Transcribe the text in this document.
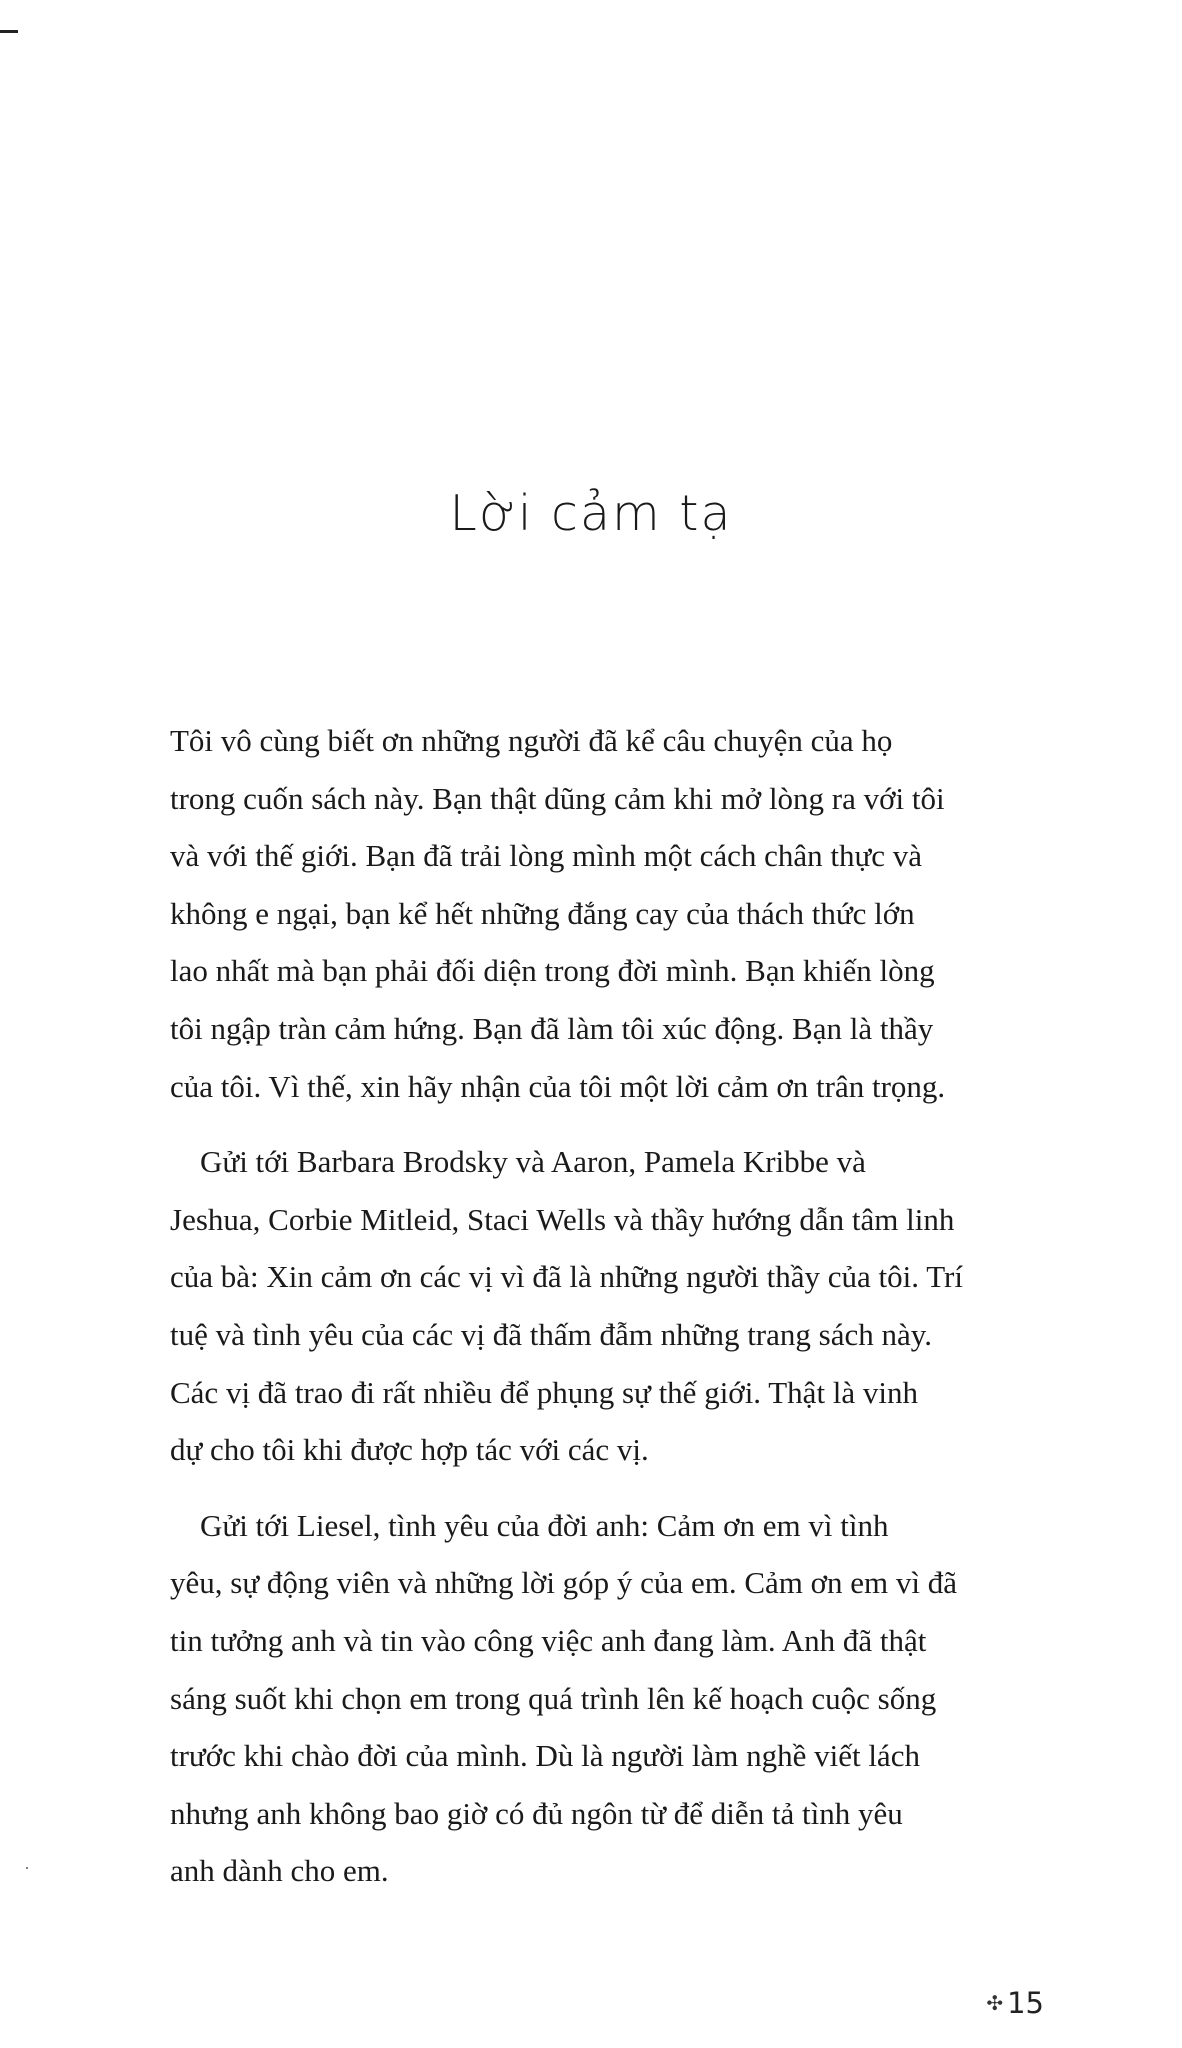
Lời cảm tạ

Tôi vô cùng biết ơn những người đã kể câu chuyện của họ
trong cuốn sách này. Bạn thật dũng cảm khi mở lòng ra với tôi
và với thế giới. Bạn đã trải lòng mình một cách chân thực và
không e ngại, bạn kể hết những đắng cay của thách thức lớn
lao nhất mà bạn phải đối diện trong đời mình. Bạn khiến lòng
tôi ngập tràn cảm hứng. Bạn đã làm tôi xúc động. Bạn là thầy
của tôi. Vì thế, xin hãy nhận của tôi một lời cảm ơn trân trọng.

Gửi tới Barbara Brodsky và Aaron, Pamela Kribbe và
Jeshua, Corbie Mitleid, Staci Wells và thầy hướng dẫn tâm linh
của bà: Xin cảm ơn các vị vì đã là những người thầy của tôi. Trí
tuệ và tình yêu của các vị đã thấm đẫm những trang sách này.
Các vị đã trao đi rất nhiều để phụng sự thế giới. Thật là vinh
dự cho tôi khi được hợp tác với các vị.

Gửi tới Liesel, tình yêu của đời anh: Cảm ơn em vì tình
yêu, sự động viên và những lời góp ý của em. Cảm ơn em vì đã
tin tưởng anh và tin vào công việc anh đang làm. Anh đã thật
sáng suốt khi chọn em trong quá trình lên kế hoạch cuộc sống
trước khi chào đời của mình. Dù là người làm nghề viết lách
nhưng anh không bao giờ có đủ ngôn từ để diễn tả tình yêu
anh dành cho em.

✣ 15
